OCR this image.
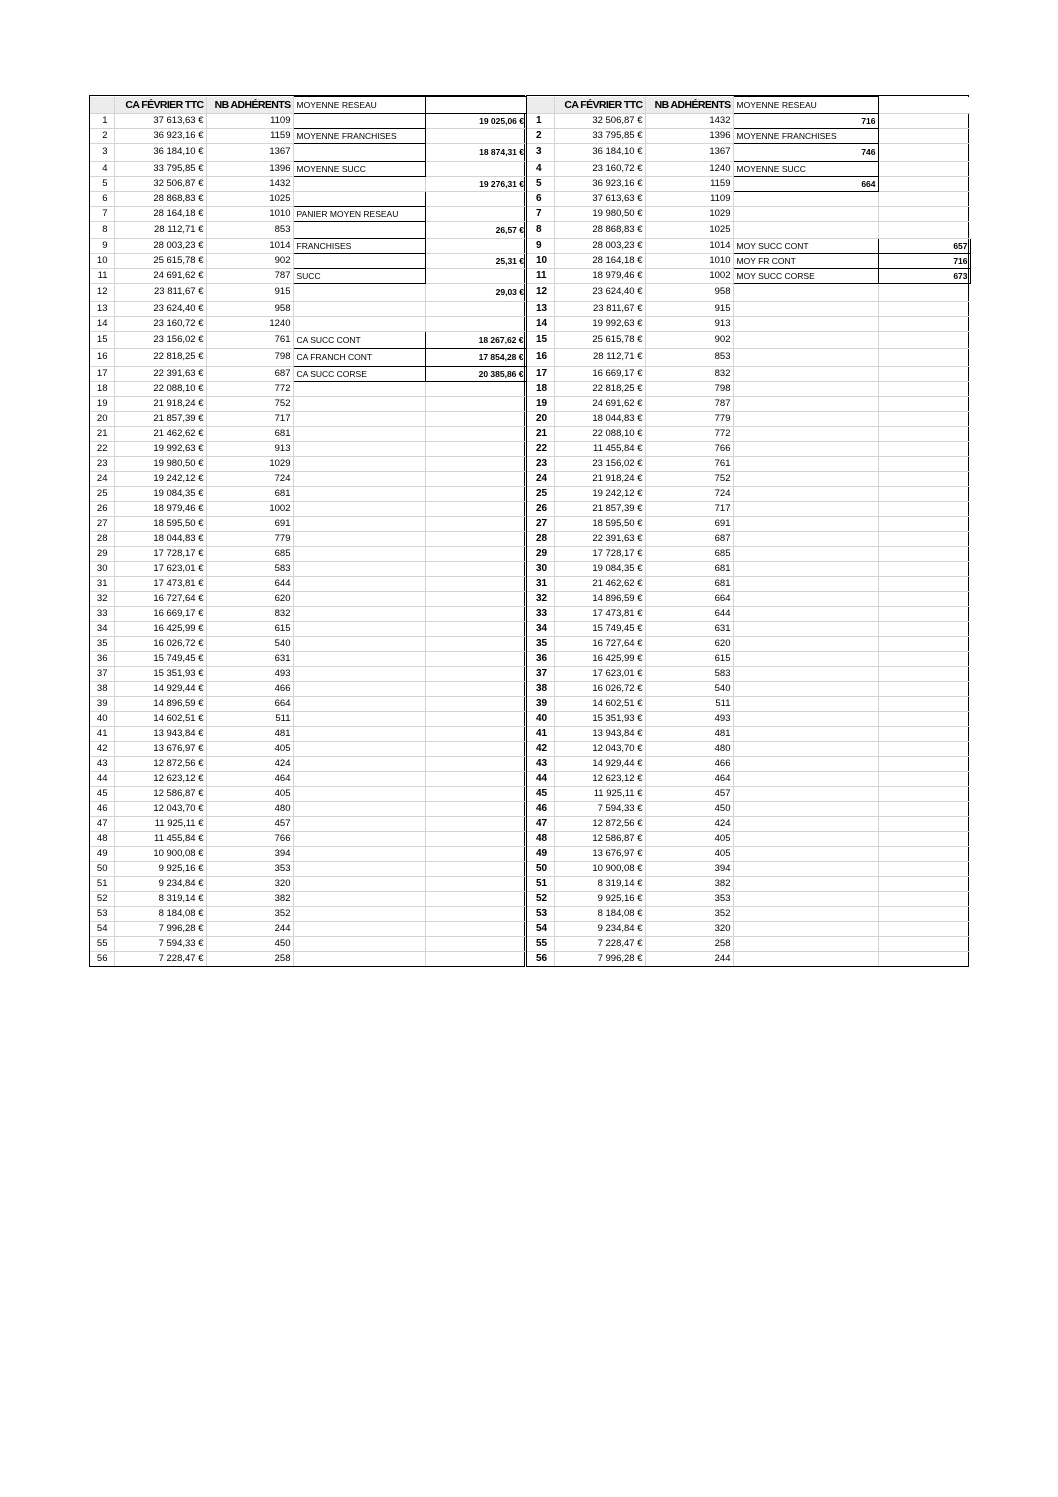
	CA FÉVRIER TTC	NB ADHÉRENTS	MOYENNE RESEAU	
1	37 613,63 €	1109		19 025,06 €
2	36 923,16 €	1159	MOYENNE FRANCHISES	
3	36 184,10 €	1367		18 874,31 €
4	33 795,85 €	1396	MOYENNE SUCC	
5	32 506,87 €	1432		19 276,31 €
6	28 868,83 €	1025		
7	28 164,18 €	1010	PANIER MOYEN RESEAU	
8	28 112,71 €	853		26,57 €
9	28 003,23 €	1014	FRANCHISES	
10	25 615,78 €	902		25,31 €
11	24 691,62 €	787	SUCC	
12	23 811,67 €	915		29,03 €
13	23 624,40 €	958		
14	23 160,72 €	1240		
15	23 156,02 €	761	CA SUCC CONT	18 267,62 €
16	22 818,25 €	798	CA FRANCH CONT	17 854,28 €
17	22 391,63 €	687	CA SUCC CORSE	20 385,86 €
18	22 088,10 €	772		
19	21 918,24 €	752		
20	21 857,39 €	717		
21	21 462,62 €	681		
22	19 992,63 €	913		
23	19 980,50 €	1029		
24	19 242,12 €	724		
25	19 084,35 €	681		
26	18 979,46 €	1002		
27	18 595,50 €	691		
28	18 044,83 €	779		
29	17 728,17 €	685		
30	17 623,01 €	583		
31	17 473,81 €	644		
32	16 727,64 €	620		
33	16 669,17 €	832		
34	16 425,99 €	615		
35	16 026,72 €	540		
36	15 749,45 €	631		
37	15 351,93 €	493		
38	14 929,44 €	466		
39	14 896,59 €	664		
40	14 602,51 €	511		
41	13 943,84 €	481		
42	13 676,97 €	405		
43	12 872,56 €	424		
44	12 623,12 €	464		
45	12 586,87 €	405		
46	12 043,70 €	480		
47	11 925,11 €	457		
48	11 455,84 €	766		
49	10 900,08 €	394		
50	9 925,16 €	353		
51	9 234,84 €	320		
52	8 319,14 €	382		
53	8 184,08 €	352		
54	7 996,28 €	244		
55	7 594,33 €	450		
56	7 228,47 €	258		
	CA FÉVRIER TTC	NB ADHÉRENTS	MOYENNE RESEAU	
1	32 506,87 €	1432	716	
2	33 795,85 €	1396	MOYENNE FRANCHISES	
3	36 184,10 €	1367	746	
4	23 160,72 €	1240	MOYENNE SUCC	
5	36 923,16 €	1159	664	
6	37 613,63 €	1109		
7	19 980,50 €	1029		
8	28 868,83 €	1025		
9	28 003,23 €	1014	MOY SUCC CONT	657
10	28 164,18 €	1010	MOY FR CONT	716
11	18 979,46 €	1002	MOY SUCC CORSE	673
12	23 624,40 €	958		
13	23 811,67 €	915		
14	19 992,63 €	913		
15	25 615,78 €	902		
16	28 112,71 €	853		
17	16 669,17 €	832		
18	22 818,25 €	798		
19	24 691,62 €	787		
20	18 044,83 €	779		
21	22 088,10 €	772		
22	11 455,84 €	766		
23	23 156,02 €	761		
24	21 918,24 €	752		
25	19 242,12 €	724		
26	21 857,39 €	717		
27	18 595,50 €	691		
28	22 391,63 €	687		
29	17 728,17 €	685		
30	19 084,35 €	681		
31	21 462,62 €	681		
32	14 896,59 €	664		
33	17 473,81 €	644		
34	15 749,45 €	631		
35	16 727,64 €	620		
36	16 425,99 €	615		
37	17 623,01 €	583		
38	16 026,72 €	540		
39	14 602,51 €	511		
40	15 351,93 €	493		
41	13 943,84 €	481		
42	12 043,70 €	480		
43	14 929,44 €	466		
44	12 623,12 €	464		
45	11 925,11 €	457		
46	7 594,33 €	450		
47	12 872,56 €	424		
48	12 586,87 €	405		
49	13 676,97 €	405		
50	10 900,08 €	394		
51	8 319,14 €	382		
52	9 925,16 €	353		
53	8 184,08 €	352		
54	9 234,84 €	320		
55	7 228,47 €	258		
56	7 996,28 €	244		
